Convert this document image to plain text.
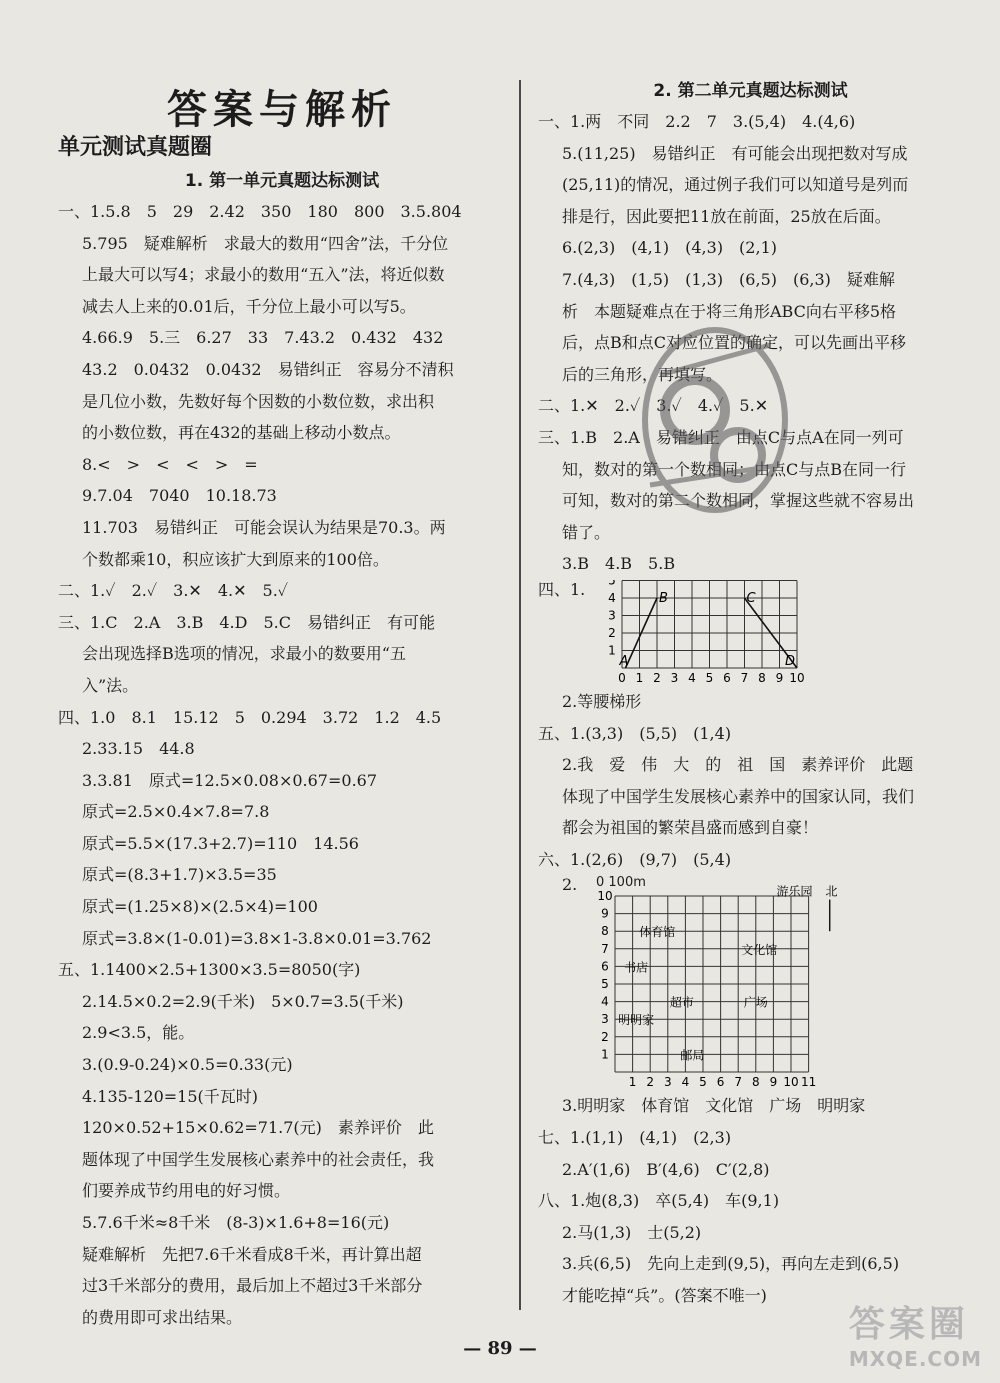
答案与解析
单元测试真题圈
1. 第一单元真题达标测试
一、1.5.8　5　29　2.42　350　180　800　3.5.804
5.795　疑难解析　求最大的数用“四舍”法，千分位
上最大可以写4；求最小的数用“五入”法，将近似数
减去人上来的0.01后，千分位上最小可以写5。
4.66.9　5.三　6.27　33　7.43.2　0.432　432
43.2　0.0432　0.0432　易错纠正　容易分不清积
是几位小数，先数好每个因数的小数位数，求出积
的小数位数，再在432的基础上移动小数点。
8.<　>　<　<　>　=
9.7.04　7040　10.18.73
11.703　易错纠正　可能会误认为结果是70.3。两
个数都乘10，积应该扩大到原来的100倍。
二、1.✓　2.✓　3.✕　4.✕　5.✓
三、1.C　2.A　3.B　4.D　5.C　易错纠正　有可能
会出现选择B选项的情况，求最小的数要用“五
入”法。
四、1.0　8.1　15.12　5　0.294　3.72　1.2　4.5
2.33.15　44.8
3.3.81　原式=12.5×0.08×0.67=0.67
原式=2.5×0.4×7.8=7.8
原式=5.5×(17.3+2.7)=110　14.56
原式=(8.3+1.7)×3.5=35
原式=(1.25×8)×(2.5×4)=100
原式=3.8×(1-0.01)=3.8×1-3.8×0.01=3.762
五、1.1400×2.5+1300×3.5=8050(字)
2.14.5×0.2=2.9(千米)　5×0.7=3.5(千米)
2.9<3.5，能。
3.(0.9-0.24)×0.5=0.33(元)
4.135-120=15(千瓦时)
120×0.52+15×0.62=71.7(元)　素养评价　此
题体现了中国学生发展核心素养中的社会责任，我
们要养成节约用电的好习惯。
5.7.6千米≈8千米　(8-3)×1.6+8=16(元)
疑难解析　先把7.6千米看成8千米，再计算出超
过3千米部分的费用，最后加上不超过3千米部分
的费用即可求出结果。
2. 第二单元真题达标测试
一、1.两　不同　2.2　7　3.(5,4)　4.(4,6)
5.(11,25)　易错纠正　有可能会出现把数对写成
(25,11)的情况，通过例子我们可以知道号是列而
排是行，因此要把11放在前面，25放在后面。
6.(2,3)　(4,1)　(4,3)　(2,1)
7.(4,3)　(1,5)　(1,3)　(6,5)　(6,3)　疑难解
析　本题疑难点在于将三角形ABC向右平移5格
后，点B和点C对应位置的确定，可以先画出平移
后的三角形，再填写。
二、1.✕　2.✓　3.✓　4.✓　5.✕
三、1.B　2.A　易错纠正　由点C与点A在同一列可
知，数对的第一个数相同；由点C与点B在同一行
可知，数对的第二个数相同，掌握这些就不容易出
错了。
3.B　4.B　5.B
四、1. 5
4
3
2
1
0 1 2 3 4 5 6 7 8 9 10
A
B	C
D
2.等腰梯形
五、1.(3,3)　(5,5)　(1,4)
2.我　爱　伟　大　的　祖　国　素养评价　此题
体现了中国学生发展核心素养中的国家认同，我们
都会为祖国的繁荣昌盛而感到自豪！
六、1.(2,6)　(9,7)　(5,4)
2. 0 100m
10
9
8
7
6
5
4
3
2
1
1 2 3 4 5 6 7 8 9 10 11
游乐园 北
体育馆
文化馆
书店
超市	广场
明明家
邮局
3.明明家　体育馆　文化馆　广场　明明家
七、1.(1,1)　(4,1)　(2,3)
2.A′(1,6)　B′(4,6)　C′(2,8)
八、1.炮(8,3)　卒(5,4)　车(9,1)
2.马(1,3)　士(5,2)
3.兵(6,5)　先向上走到(9,5)，再向左走到(6,5)
才能吃掉“兵”。(答案不唯一)
— 89 —
答案圈
MXQE.COM
